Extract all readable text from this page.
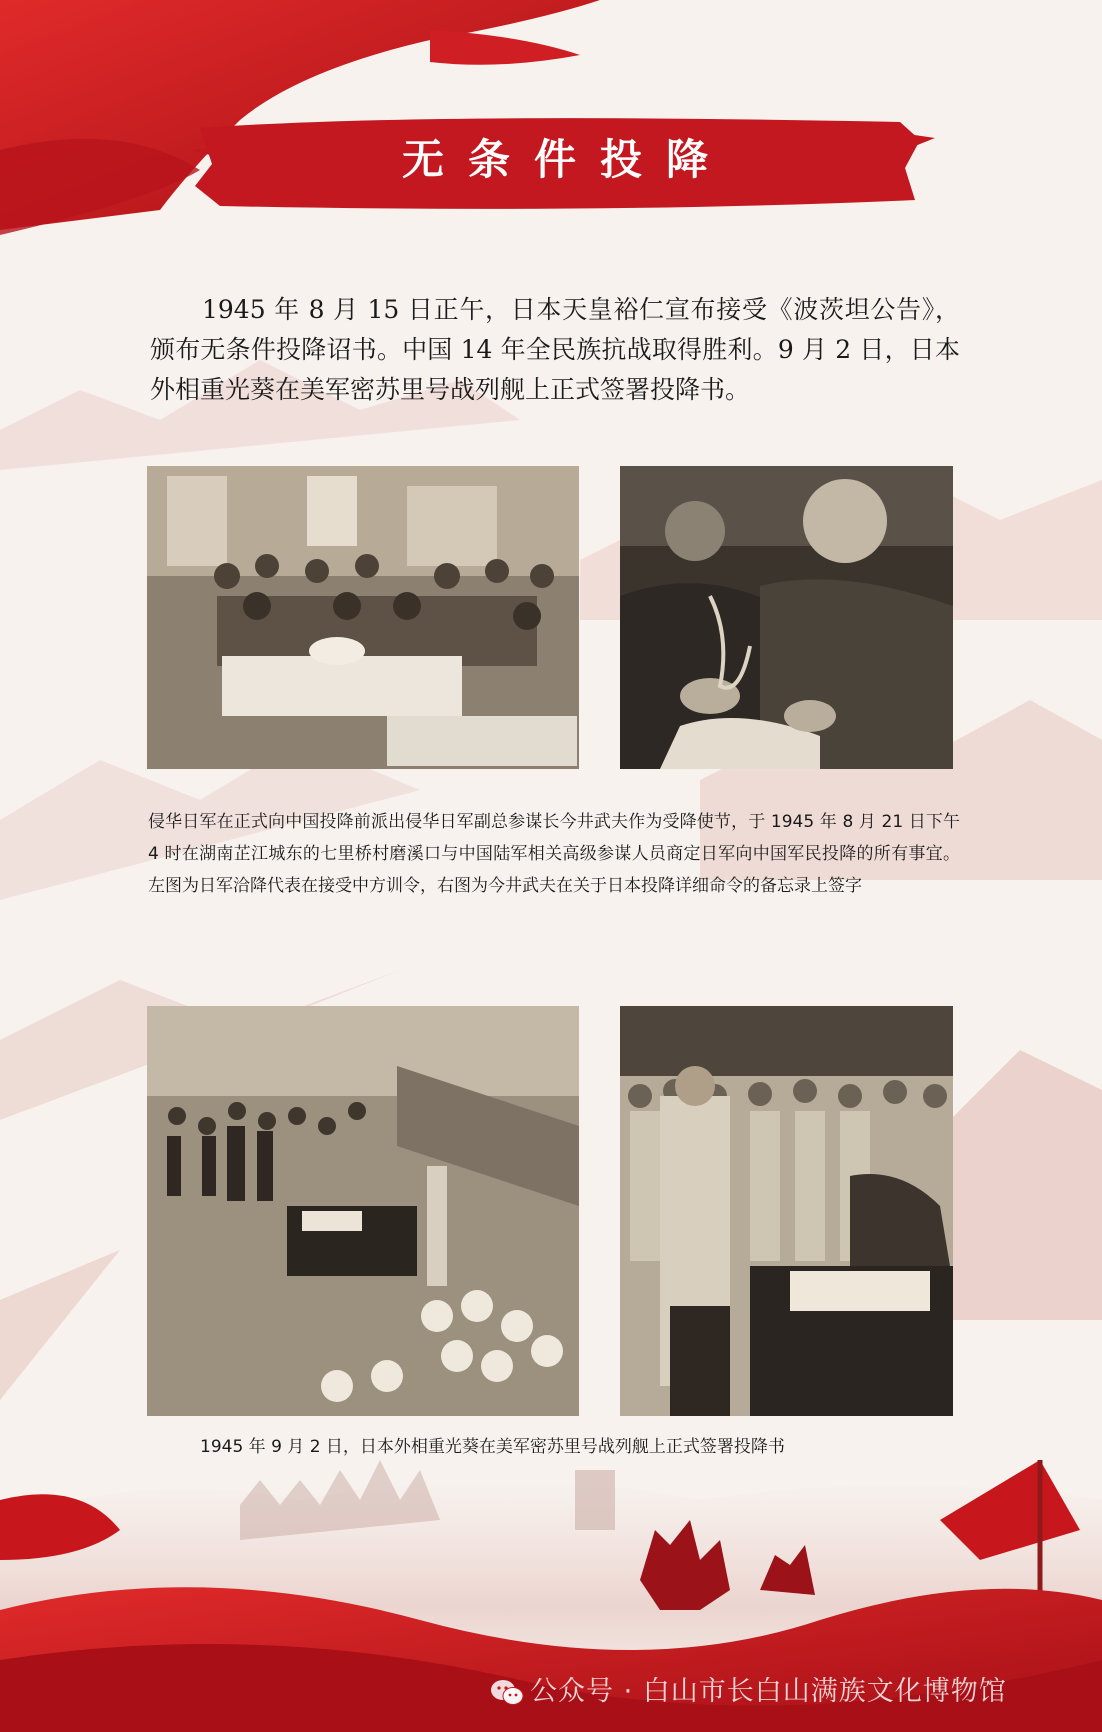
无条件投降

1945 年 8 月 15 日正午，日本天皇裕仁宣布接受《波茨坦公告》，颁布无条件投降诏书。中国 14 年全民族抗战取得胜利。9 月 2 日，日本外相重光葵在美军密苏里号战列舰上正式签署投降书。

侵华日军在正式向中国投降前派出侵华日军副总参谋长今井武夫作为受降使节，于 1945 年 8 月 21 日下午 4 时在湖南芷江城东的七里桥村磨溪口与中国陆军相关高级参谋人员商定日军向中国军民投降的所有事宜。左图为日军洽降代表在接受中方训令，右图为今井武夫在关于日本投降详细命令的备忘录上签字

1945 年 9 月 2 日，日本外相重光葵在美军密苏里号战列舰上正式签署投降书

公众号 · 白山市长白山满族文化博物馆
